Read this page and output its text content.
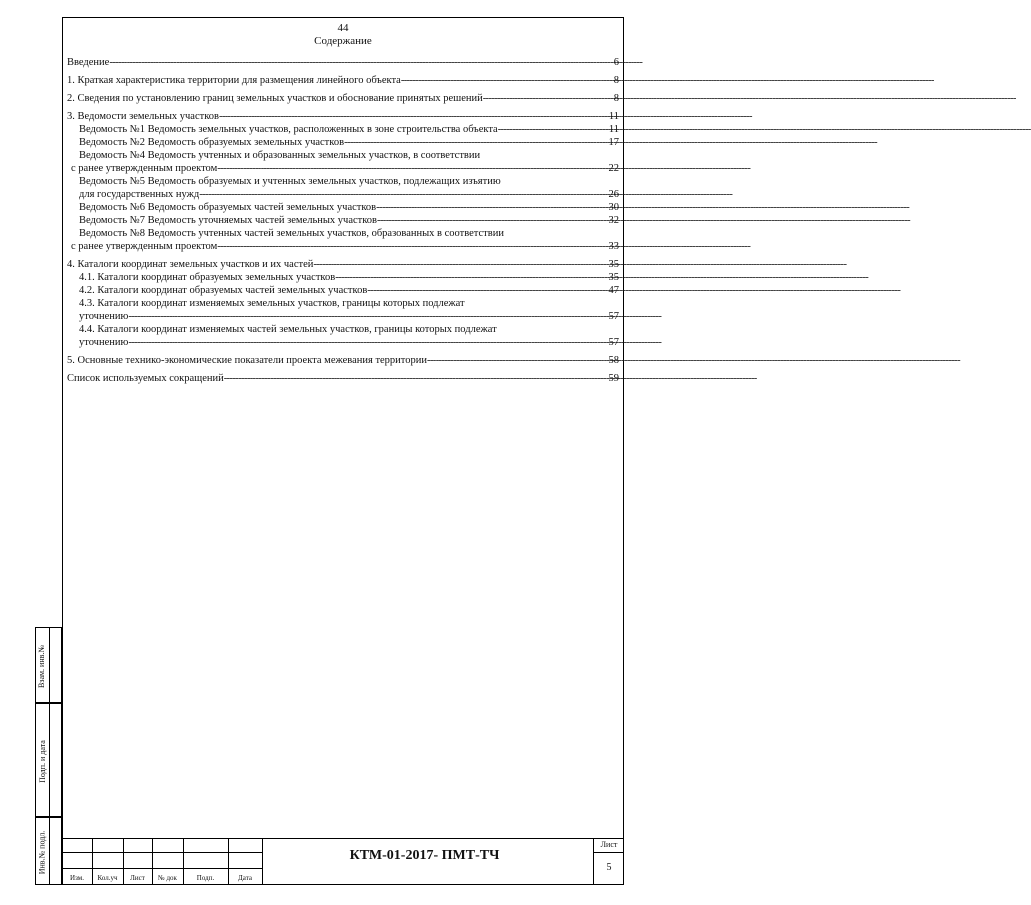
44
Содержание
Введение -----	6
1. Краткая характеристика территории для размещения линейного объекта -----	8
2. Сведения по установлению границ земельных участков и обоснование принятых решений -----	8
3. Ведомости земельных участков -----	11
Ведомость №1 Ведомость земельных участков, расположенных в зоне строительства объекта -----	11
Ведомость №2 Ведомость образуемых земельных участков -----	17
Ведомость №4 Ведомость учтенных и образованных земельных участков, в соответствии
с ранее утвержденным проектом -----	22
Ведомость №5 Ведомость образуемых и учтенных земельных участков, подлежащих изъятию
для государственных нужд -----	26
Ведомость №6 Ведомость образуемых частей земельных участков -----	30
Ведомость №7 Ведомость уточняемых частей земельных участков -----	32
Ведомость №8 Ведомость учтенных частей земельных участков, образованных в соответствии
с ранее утвержденным проектом -----	33
4. Каталоги координат земельных участков и их частей -----	35
4.1. Каталоги координат образуемых земельных участков -----	35
4.2. Каталоги координат образуемых частей земельных участков -----	47
4.3. Каталоги координат изменяемых земельных участков, границы которых подлежат
уточнению -----	57
4.4. Каталоги координат изменяемых частей земельных участков, границы которых подлежат
уточнению -----	57
5. Основные технико-экономические показатели проекта межевания территории -----	58
Список используемых сокращений -----	59
Взам. инв.№
Подп. и дата
Инв.№ подл.
Изм.	Кол.уч	Лист	№ док	Подп.	Дата
КТМ-01-2017- ПМТ-ТЧ
Лист
5
